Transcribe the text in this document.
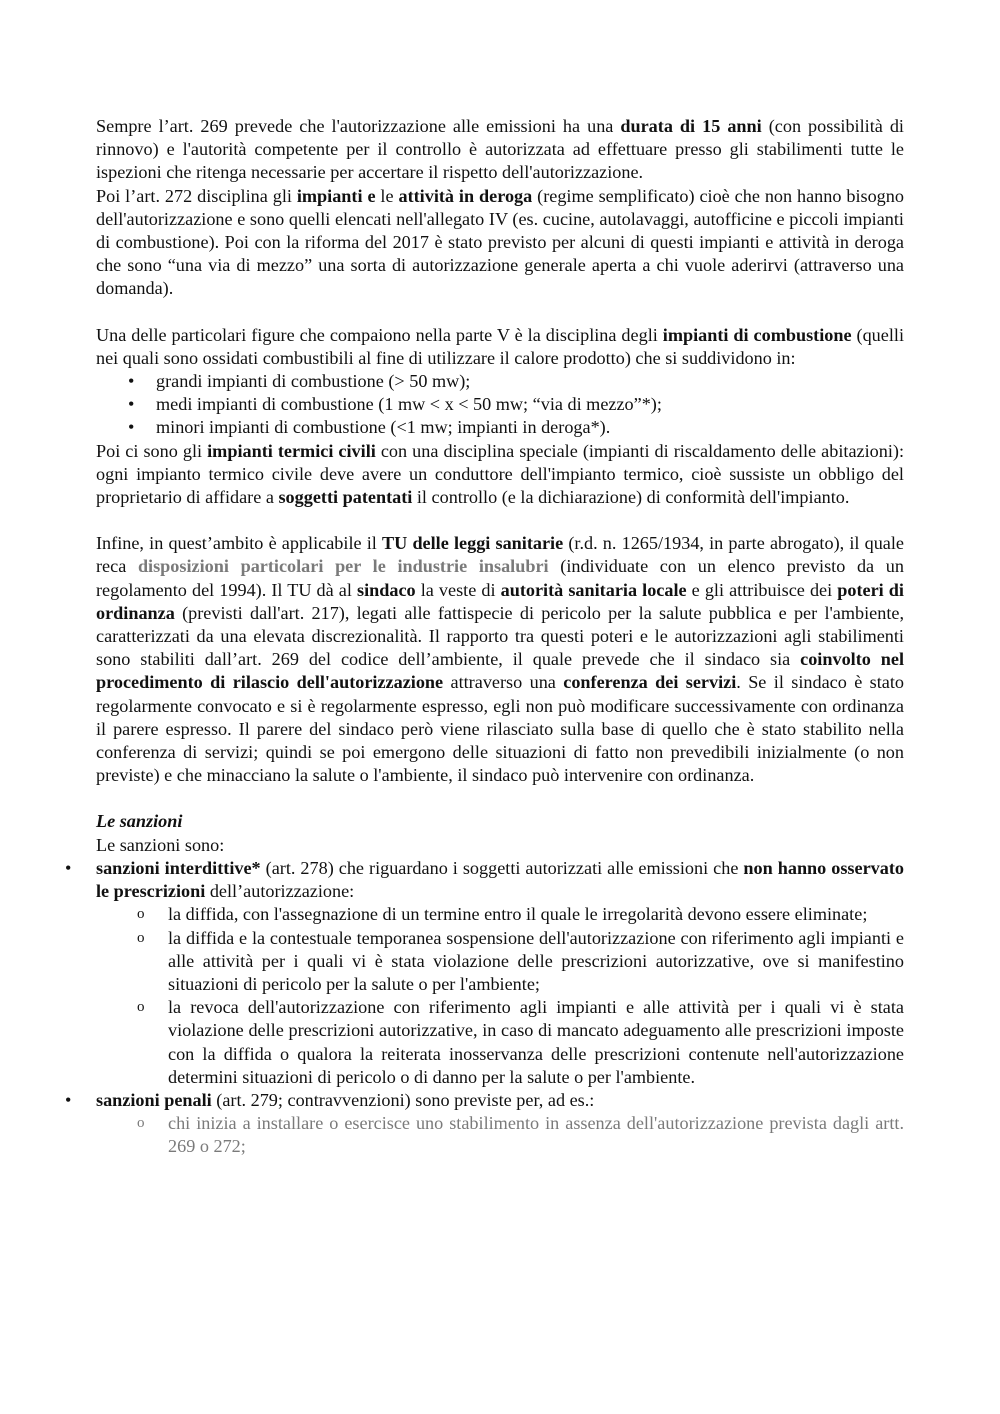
Sempre l’art. 269 prevede che l'autorizzazione alle emissioni ha una durata di 15 anni (con possibilità di rinnovo) e l'autorità competente per il controllo è autorizzata ad effettuare presso gli stabilimenti tutte le ispezioni che ritenga necessarie per accertare il rispetto dell'autorizzazione.

Poi l’art. 272 disciplina gli impianti e le attività in deroga (regime semplificato) cioè che non hanno bisogno dell'autorizzazione e sono quelli elencati nell'allegato IV (es. cucine, autolavaggi, autofficine e piccoli impianti di combustione). Poi con la riforma del 2017 è stato previsto per alcuni di questi impianti e attività in deroga che sono “una via di mezzo” una sorta di autorizzazione generale aperta a chi vuole aderirvi (attraverso una domanda).

Una delle particolari figure che compaiono nella parte V è la disciplina degli impianti di combustione (quelli nei quali sono ossidati combustibili al fine di utilizzare il calore prodotto) che si suddividono in:

• grandi impianti di combustione (> 50 mw);
• medi impianti di combustione (1 mw < x < 50 mw; “via di mezzo”*);
• minori impianti di combustione (<1 mw; impianti in deroga*).

Poi ci sono gli impianti termici civili con una disciplina speciale (impianti di riscaldamento delle abitazioni): ogni impianto termico civile deve avere un conduttore dell'impianto termico, cioè sussiste un obbligo del proprietario di affidare a soggetti patentati il controllo (e la dichiarazione) di conformità dell'impianto.

Infine, in quest’ambito è applicabile il TU delle leggi sanitarie (r.d. n. 1265/1934, in parte abrogato), il quale reca disposizioni particolari per le industrie insalubri (individuate con un elenco previsto da un regolamento del 1994). Il TU dà al sindaco la veste di autorità sanitaria locale e gli attribuisce dei poteri di ordinanza (previsti dall'art. 217), legati alle fattispecie di pericolo per la salute pubblica e per l'ambiente, caratterizzati da una elevata discrezionalità. Il rapporto tra questi poteri e le autorizzazioni agli stabilimenti sono stabiliti dall’art. 269 del codice dell’ambiente, il quale prevede che il sindaco sia coinvolto nel procedimento di rilascio dell'autorizzazione attraverso una conferenza dei servizi. Se il sindaco è stato regolarmente convocato e si è regolarmente espresso, egli non può modificare successivamente con ordinanza il parere espresso. Il parere del sindaco però viene rilasciato sulla base di quello che è stato stabilito nella conferenza di servizi; quindi se poi emergono delle situazioni di fatto non prevedibili inizialmente (o non previste) e che minacciano la salute o l'ambiente, il sindaco può intervenire con ordinanza.

Le sanzioni

Le sanzioni sono:

• sanzioni interdittive* (art. 278) che riguardano i soggetti autorizzati alle emissioni che non hanno osservato le prescrizioni dell’autorizzazione:
o la diffida, con l'assegnazione di un termine entro il quale le irregolarità devono essere eliminate;
o la diffida e la contestuale temporanea sospensione dell'autorizzazione con riferimento agli impianti e alle attività per i quali vi è stata violazione delle prescrizioni autorizzative, ove si manifestino situazioni di pericolo per la salute o per l'ambiente;
o la revoca dell'autorizzazione con riferimento agli impianti e alle attività per i quali vi è stata violazione delle prescrizioni autorizzative, in caso di mancato adeguamento alle prescrizioni imposte con la diffida o qualora la reiterata inosservanza delle prescrizioni contenute nell'autorizzazione determini situazioni di pericolo o di danno per la salute o per l'ambiente.
• sanzioni penali (art. 279; contravvenzioni) sono previste per, ad es.:
o chi inizia a installare o esercisce uno stabilimento in assenza dell'autorizzazione prevista dagli artt. 269 o 272;
